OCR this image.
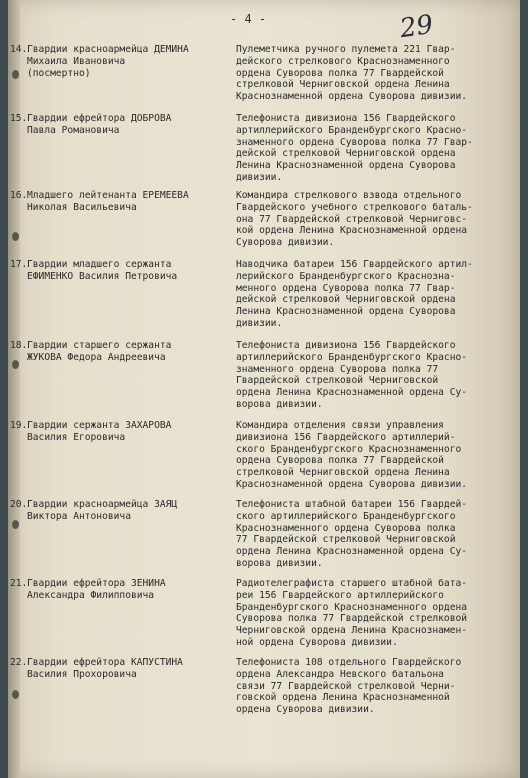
- 4 -	29
14. Гвардии красноармейца ДЕМИНА
Михаила Ивановича
(посмертно)
Пулеметчика ручного пулемета 221 Гвар-
дейского стрелкового Краснознаменного
ордена Суворова полка 77 Гвардейской
стрелковой Черниговской ордена Ленина
Краснознаменной ордена Суворова дивизии.
15. Гвардии ефрейтора ДОБРОВА
Павла Романовича
Телефониста дивизиона 156 Гвардейского
артиллерийского Бранденбургского Красно-
знаменного ордена Суворова полка 77 Гвар-
дейской стрелковой Черниговской ордена
Ленина Краснознаменной ордена Суворова
дивизии.
16. Младшего лейтенанта ЕРЕМЕЕВА
Николая Васильевича
Командира стрелкового взвода отдельного
Гвардейского учебного стрелкового баталь-
она 77 Гвардейской стрелковой Черниговс-
кой ордена Ленина Краснознаменной ордена
Суворова дивизии.
17. Гвардии младшего сержанта
ЕФИМЕНКО Василия Петровича
Наводчика батареи 156 Гвардейского артил-
лерийского Бранденбургского Краснозна-
менного ордена Суворова полка 77 Гвар-
дейской стрелковой Черниговской ордена
Ленина Краснознаменной ордена Суворова
дивизии.
18. Гвардии старшего сержанта
ЖУКОВА Федора Андреевича
Телефониста дивизиона 156 Гвардейского
артиллерийского Бранденбургского Красно-
знаменного ордена Суворова полка 77
Гвардейской стрелковой Черниговской
ордена Ленина Краснознаменной ордена Су-
ворова дивизии.
19. Гвардии сержанта ЗАХАРОВА
Василия Егоровича
Командира отделения связи управления
дивизиона 156 Гвардейского артиллерий-
ского Бранденбургского Краснознаменного
ордена Суворова полка 77 Гвардейской
стрелковой Черниговской ордена Ленина
Краснознаменной ордена Суворова дивизии.
20. Гвардии красноармейца ЗАЯЦ
Виктора Антоновича
Телефониста штабной батареи 156 Гвардей-
ского артиллерийского Бранденбургского
Краснознаменного ордена Суворова полка
77 Гвардейской стрелковой Черниговской
ордена Ленина Краснознаменной ордена Су-
ворова дивизии.
21. Гвардии ефрейтора ЗЕНИНА
Александра Филипповича
Радиотелеграфиста старшего штабной бата-
реи 156 Гвардейского артиллерийского
Бранденбургского Краснознаменного ордена
Суворова полка 77 Гвардейской стрелковой
Черниговской ордена Ленина Краснознамен-
ной ордена Суворова дивизии.
22. Гвардии ефрейтора КАПУСТИНА
Василия Прохоровича
Телефониста 108 отдельного Гвардейского
ордена Александра Невского батальона
связи 77 Гвардейской стрелковой Черни-
говской ордена Ленина Краснознаменной
ордена Суворова дивизии.
